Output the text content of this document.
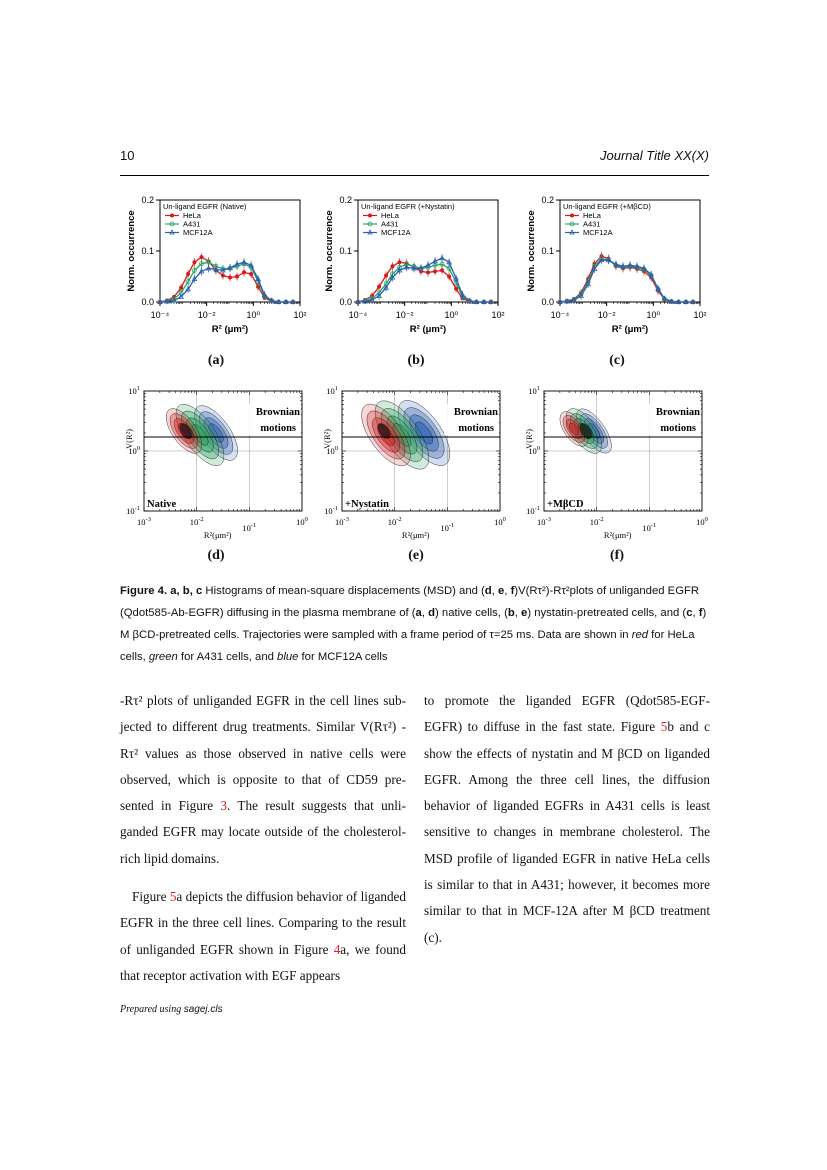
10	Journal Title XX(X)
0.0
0.1
0.2
10⁻⁴	10⁻²	10⁰	10²
Norm. occurrence
R² (μm²)
Un-ligand EGFR (Native)
HeLa
A431
MCF12A
0.0
0.1
0.2
10⁻⁴	10⁻²	10⁰	10²
Norm. occurrence
R² (μm²)
Un-ligand EGFR (+Nystatin)
HeLa
A431
MCF12A
0.0
0.1
0.2
10⁻⁴	10⁻²	10⁰	10²
Norm. occurrence
R² (μm²)
Un-ligand EGFR (+MβCD)
HeLa
A431
MCF12A
(a)	(b)	(c)
$10^{-3}$	$10^{-2}$
$10^{-1}$	$10^0$
$10^1$
$10^0$
$10^{-1}$
R²(μm²)
V(R²)
Brownian
motions
Native
$10^{-3}$	$10^{-2}$
$10^{-1}$	$10^0$
$10^1$
$10^0$
$10^{-1}$
R²(μm²)
V(R²)
Brownian
motions
+Nystatin
$10^{-3}$	$10^{-2}$
$10^{-1}$	$10^0$
$10^1$
$10^0$
$10^{-1}$
R²(μm²)
V(R²)
Brownian
motions
+MβCD
(d)	(e)	(f)
Figure 4. a, b, c Histograms of mean-square displacements (MSD) and (d, e, f)V(Rτ²)-Rτ²plots of unliganded EGFR (Qdot585-Ab-EGFR) diffusing in the plasma membrane of (a, d) native cells, (b, e) nystatin-pretreated cells, and (c, f) M βCD-pretreated cells. Trajectories were sampled with a frame period of τ=25 ms. Data are shown in red for HeLa cells, green for A431 cells, and blue for MCF12A cells
-Rτ² plots of unliganded EGFR in the cell lines sub-jected to different drug treatments. Similar V(Rτ²) -Rτ² values as those observed in native cells were observed, which is opposite to that of CD59 pre-sented in Figure 3. The result suggests that unli-ganded EGFR may locate outside of the cholesterol-rich lipid domains.
Figure 5a depicts the diffusion behavior of liganded EGFR in the three cell lines. Comparing to the result of unliganded EGFR shown in Figure 4a, we found that receptor activation with EGF appears
to promote the liganded EGFR (Qdot585-EGF-EGFR) to diffuse in the fast state. Figure 5b and c show the effects of nystatin and M βCD on liganded EGFR. Among the three cell lines, the diffusion behavior of liganded EGFRs in A431 cells is least sensitive to changes in membrane cholesterol. The MSD profile of liganded EGFR in native HeLa cells is similar to that in A431; however, it becomes more similar to that in MCF-12A after M βCD treatment (c).
Prepared using sagej.cls
